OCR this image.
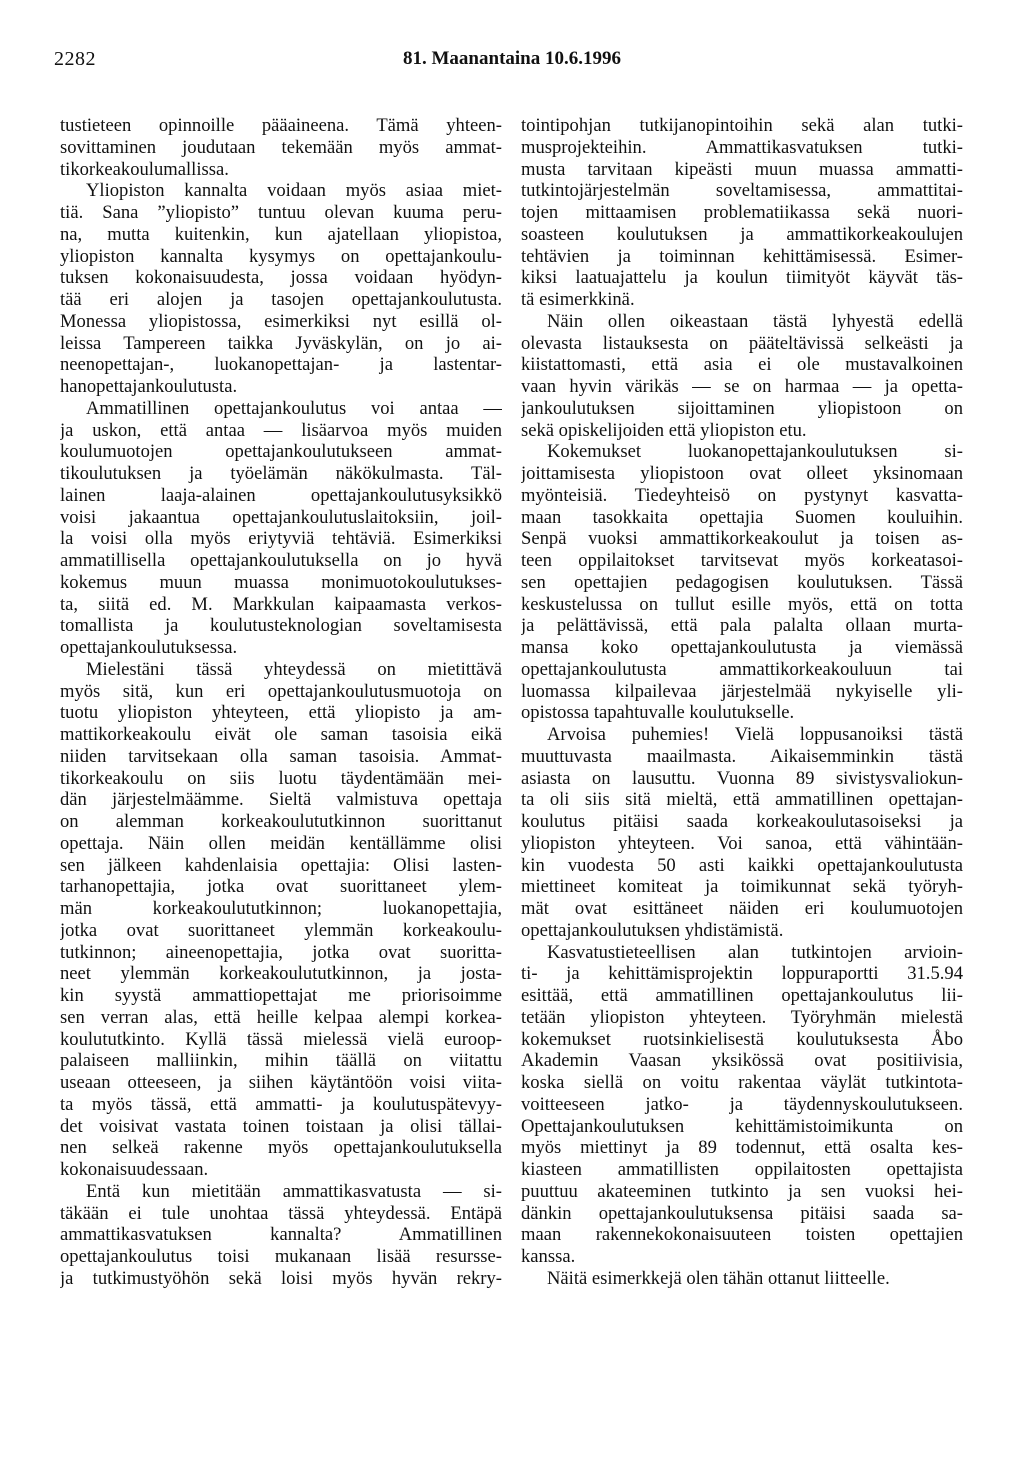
2282	81. Maanantaina 10.6.1996
tustieteen opinnoille pääaineena. Tämä yhteen-
sovittaminen joudutaan tekemään myös ammat-
tikorkeakoulumallissa.
Yliopiston kannalta voidaan myös asiaa miet-
tiä. Sana ”yliopisto” tuntuu olevan kuuma peru-
na, mutta kuitenkin, kun ajatellaan yliopistoa,
yliopiston kannalta kysymys on opettajankoulu-
tuksen kokonaisuudesta, jossa voidaan hyödyn-
tää eri alojen ja tasojen opettajankoulutusta.
Monessa yliopistossa, esimerkiksi nyt esillä ol-
leissa Tampereen taikka Jyväskylän, on jo ai-
neenopettajan-, luokanopettajan- ja lastentar-
hanopettajankoulutusta.
Ammatillinen opettajankoulutus voi antaa —
ja uskon, että antaa — lisäarvoa myös muiden
koulumuotojen opettajankoulutukseen ammat-
tikoulutuksen ja työelämän näkökulmasta. Täl-
lainen laaja-alainen opettajankoulutusyksikkö
voisi jakaantua opettajankoulutuslaitoksiin, joil-
la voisi olla myös eriytyviä tehtäviä. Esimerkiksi
ammatillisella opettajankoulutuksella on jo hyvä
kokemus muun muassa monimuotokoulutukses-
ta, siitä ed. M. Markkulan kaipaamasta verkos-
tomallista ja koulutusteknologian soveltamisesta
opettajankoulutuksessa.
Mielestäni tässä yhteydessä on mietittävä
myös sitä, kun eri opettajankoulutusmuotoja on
tuotu yliopiston yhteyteen, että yliopisto ja am-
mattikorkeakoulu eivät ole saman tasoisia eikä
niiden tarvitsekaan olla saman tasoisia. Ammat-
tikorkeakoulu on siis luotu täydentämään mei-
dän järjestelmäämme. Sieltä valmistuva opettaja
on alemman korkeakoulututkinnon suorittanut
opettaja. Näin ollen meidän kentällämme olisi
sen jälkeen kahdenlaisia opettajia: Olisi lasten-
tarhanopettajia, jotka ovat suorittaneet ylem-
män korkeakoulututkinnon; luokanopettajia,
jotka ovat suorittaneet ylemmän korkeakoulu-
tutkinnon; aineenopettajia, jotka ovat suoritta-
neet ylemmän korkeakoulututkinnon, ja josta-
kin syystä ammattiopettajat me priorisoimme
sen verran alas, että heille kelpaa alempi korkea-
koulututkinto. Kyllä tässä mielessä vielä euroop-
palaiseen malliinkin, mihin täällä on viitattu
useaan otteeseen, ja siihen käytäntöön voisi viita-
ta myös tässä, että ammatti- ja koulutuspätevyy-
det voisivat vastata toinen toistaan ja olisi tällai-
nen selkeä rakenne myös opettajankoulutuksella
kokonaisuudessaan.
Entä kun mietitään ammattikasvatusta — si-
täkään ei tule unohtaa tässä yhteydessä. Entäpä
ammattikasvatuksen kannalta? Ammatillinen
opettajankoulutus toisi mukanaan lisää resursse-
ja tutkimustyöhön sekä loisi myös hyvän rekry-
tointipohjan tutkijanopintoihin sekä alan tutki-
musprojekteihin. Ammattikasvatuksen tutki-
musta tarvitaan kipeästi muun muassa ammatti-
tutkintojärjestelmän soveltamisessa, ammattitai-
tojen mittaamisen problematiikassa sekä nuori-
soasteen koulutuksen ja ammattikorkeakoulujen
tehtävien ja toiminnan kehittämisessä. Esimer-
kiksi laatuajattelu ja koulun tiimityöt käyvät täs-
tä esimerkkinä.
Näin ollen oikeastaan tästä lyhyestä edellä
olevasta listauksesta on pääteltävissä selkeästi ja
kiistattomasti, että asia ei ole mustavalkoinen
vaan hyvin värikäs — se on harmaa — ja opetta-
jankoulutuksen sijoittaminen yliopistoon on
sekä opiskelijoiden että yliopiston etu.
Kokemukset luokanopettajankoulutuksen si-
joittamisesta yliopistoon ovat olleet yksinomaan
myönteisiä. Tiedeyhteisö on pystynyt kasvatta-
maan tasokkaita opettajia Suomen kouluihin.
Senpä vuoksi ammattikorkeakoulut ja toisen as-
teen oppilaitokset tarvitsevat myös korkeatasoi-
sen opettajien pedagogisen koulutuksen. Tässä
keskustelussa on tullut esille myös, että on totta
ja pelättävissä, että pala palalta ollaan murta-
mansa koko opettajankoulutusta ja viemässä
opettajankoulutusta ammattikorkeakouluun tai
luomassa kilpailevaa järjestelmää nykyiselle yli-
opistossa tapahtuvalle koulutukselle.
Arvoisa puhemies! Vielä loppusanoiksi tästä
muuttuvasta maailmasta. Aikaisemminkin tästä
asiasta on lausuttu. Vuonna 89 sivistysvaliokun-
ta oli siis sitä mieltä, että ammatillinen opettajan-
koulutus pitäisi saada korkeakoulutasoiseksi ja
yliopiston yhteyteen. Voi sanoa, että vähintään-
kin vuodesta 50 asti kaikki opettajankoulutusta
miettineet komiteat ja toimikunnat sekä työryh-
mät ovat esittäneet näiden eri koulumuotojen
opettajankoulutuksen yhdistämistä.
Kasvatustieteellisen alan tutkintojen arvioin-
ti- ja kehittämisprojektin loppuraportti 31.5.94
esittää, että ammatillinen opettajankoulutus lii-
tetään yliopiston yhteyteen. Työryhmän mielestä
kokemukset ruotsinkielisestä koulutuksesta Åbo
Akademin Vaasan yksikössä ovat positiivisia,
koska siellä on voitu rakentaa väylät tutkintota-
voitteeseen jatko- ja täydennyskoulutukseen.
Opettajankoulutuksen kehittämistoimikunta on
myös miettinyt ja 89 todennut, että osalta kes-
kiasteen ammatillisten oppilaitosten opettajista
puuttuu akateeminen tutkinto ja sen vuoksi hei-
dänkin opettajankoulutuksensa pitäisi saada sa-
maan rakennekokonaisuuteen toisten opettajien
kanssa.
Näitä esimerkkejä olen tähän ottanut liitteelle.
